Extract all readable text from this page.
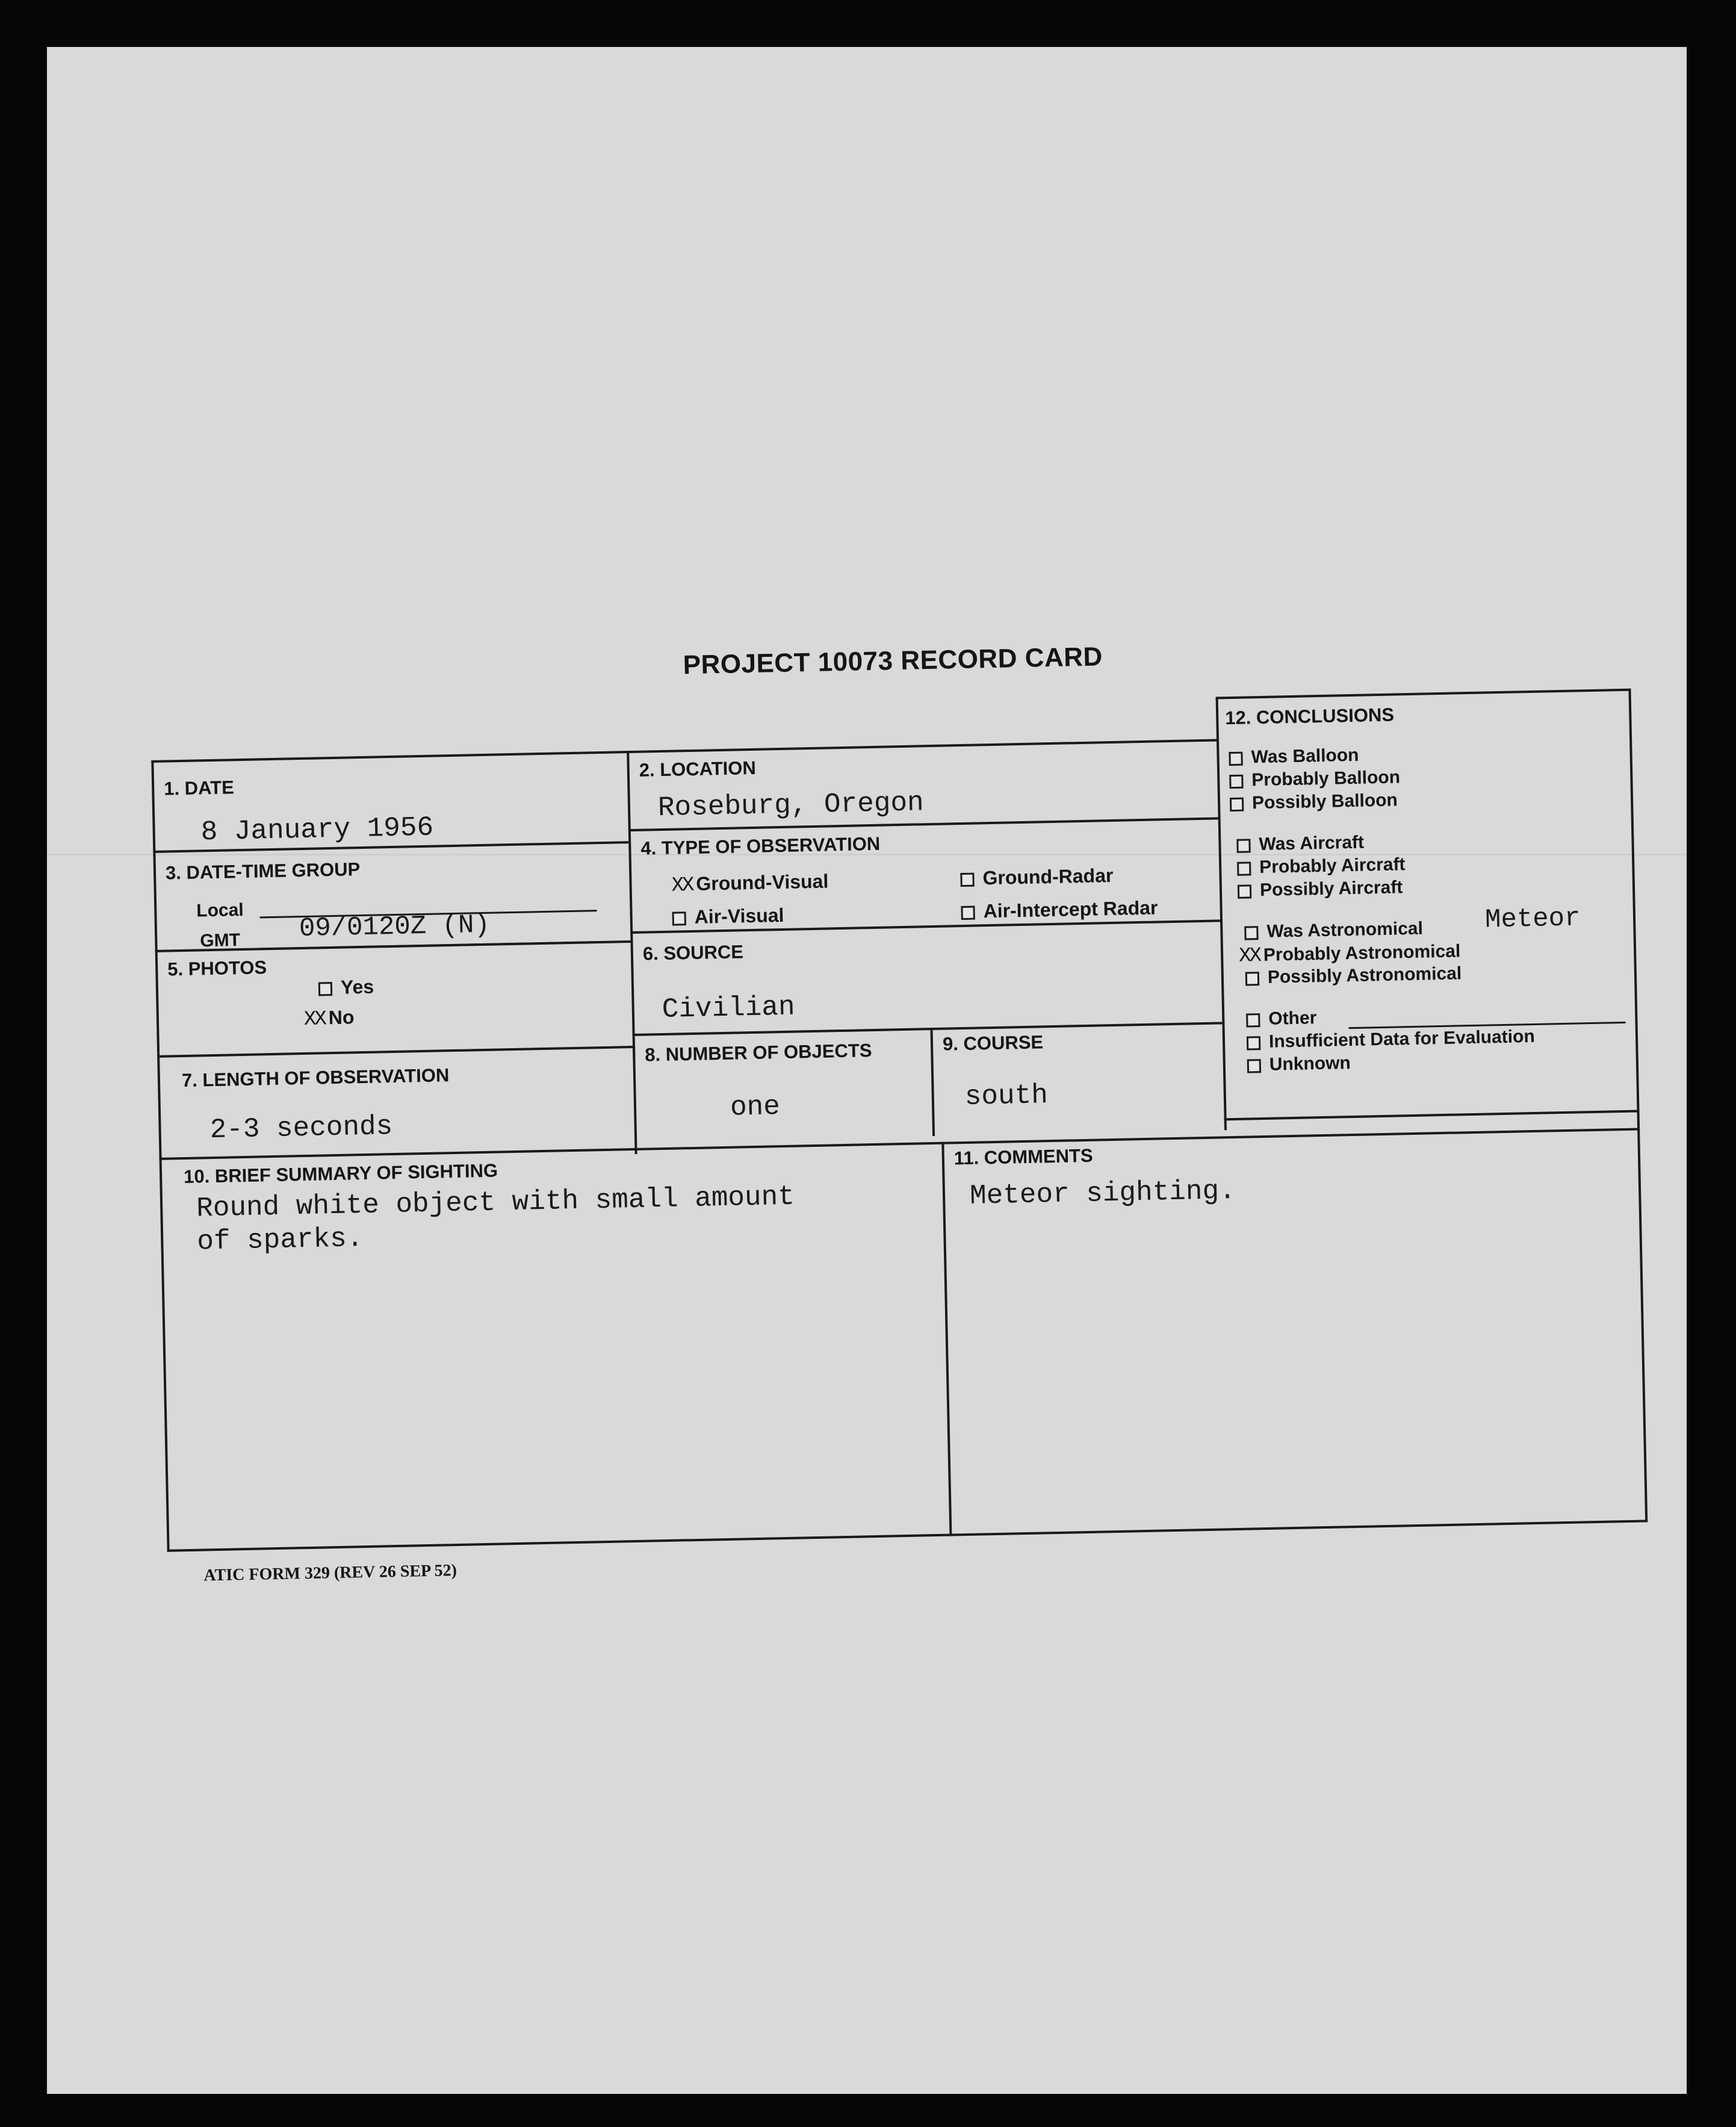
PROJECT 10073 RECORD CARD
1. DATE
8 January 1956
2. LOCATION
Roseburg, Oregon
3. DATE-TIME GROUP
Local
GMT 09/0120Z (N)
4. TYPE OF OBSERVATION
XX Ground-Visual	Ground-Radar
Air-Visual	Air-Intercept Radar
5. PHOTOS
Yes
XX No
6. SOURCE
Civilian
7. LENGTH OF OBSERVATION
2-3 seconds
8. NUMBER OF OBJECTS
one
9. COURSE
south
10. BRIEF SUMMARY OF SIGHTING
Round white object with small amount
of sparks.
11. COMMENTS
Meteor sighting.
12. CONCLUSIONS
Was Balloon
Probably Balloon
Possibly Balloon
Was Aircraft
Probably Aircraft
Possibly Aircraft
Was Astronomical Meteor
XX Probably Astronomical
Possibly Astronomical
Other
Insufficient Data for Evaluation
Unknown
ATIC FORM 329 (REV 26 SEP 52)
